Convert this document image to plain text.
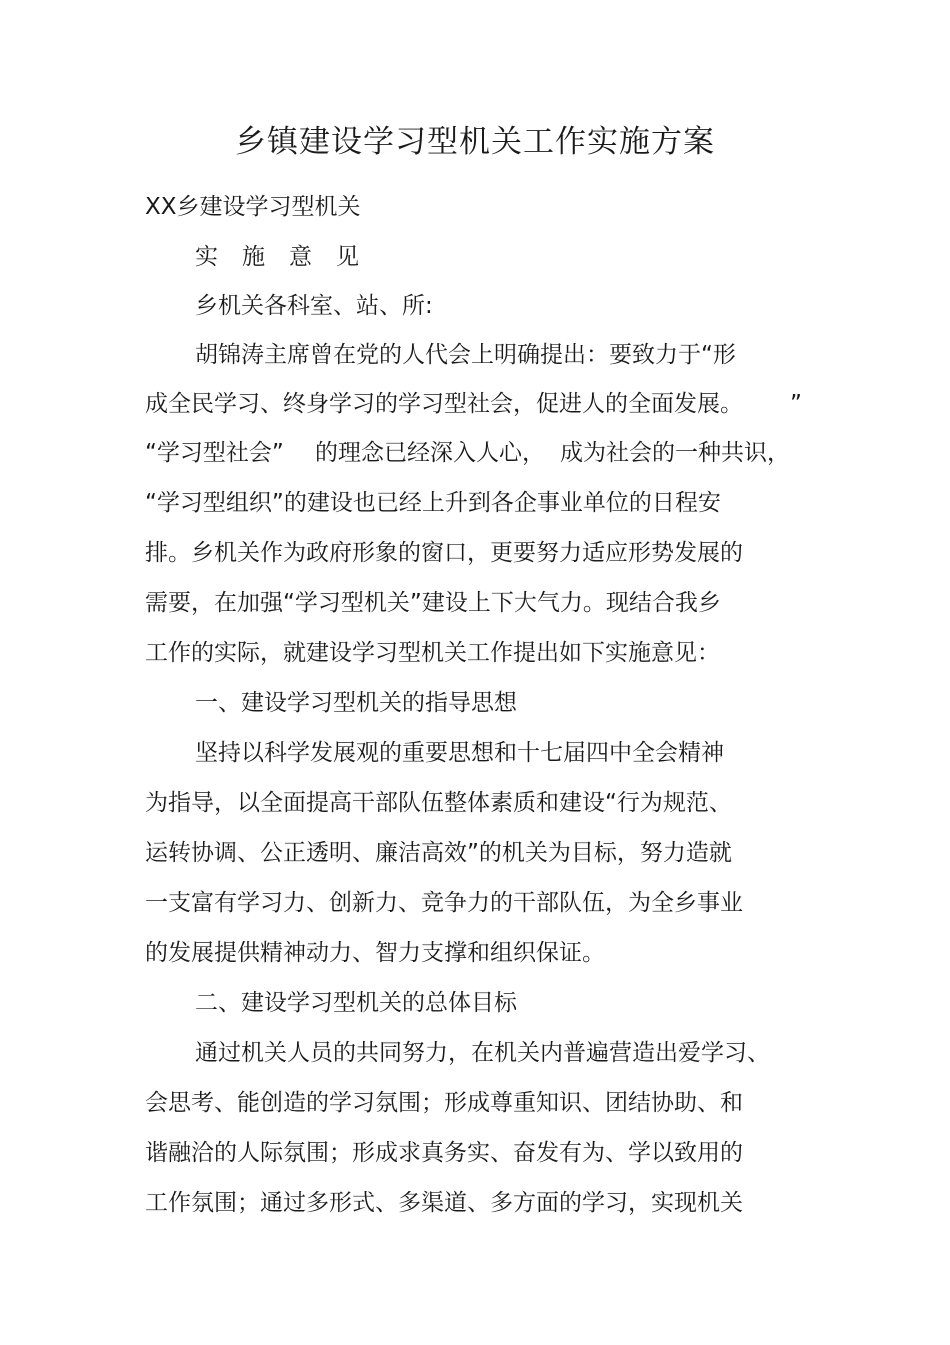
乡镇建设学习型机关工作实施方案
XX乡建设学习型机关
实施意见
乡机关各科室、站、所:
胡锦涛主席曾在党的人代会上明确提出：要致力于“形
成全民学习、终身学习的学习型社会，促进人的全面发展。 ”
“学习型社会” 的理念已经深入人心， 成为社会的一种共识，
“学习型组织”的建设也已经上升到各企事业单位的日程安
排。乡机关作为政府形象的窗口，更要努力适应形势发展的
需要，在加强“学习型机关”建设上下大气力。现结合我乡
工作的实际，就建设学习型机关工作提出如下实施意见：
一、建设学习型机关的指导思想
坚持以科学发展观的重要思想和十七届四中全会精神
为指导，以全面提高干部队伍整体素质和建设“行为规范、
运转协调、公正透明、廉洁高效”的机关为目标，努力造就
一支富有学习力、创新力、竞争力的干部队伍，为全乡事业
的发展提供精神动力、智力支撑和组织保证。
二、建设学习型机关的总体目标
通过机关人员的共同努力，在机关内普遍营造出爱学习、
会思考、能创造的学习氛围；形成尊重知识、团结协助、和
谐融洽的人际氛围；形成求真务实、奋发有为、学以致用的
工作氛围；通过多形式、多渠道、多方面的学习，实现机关
